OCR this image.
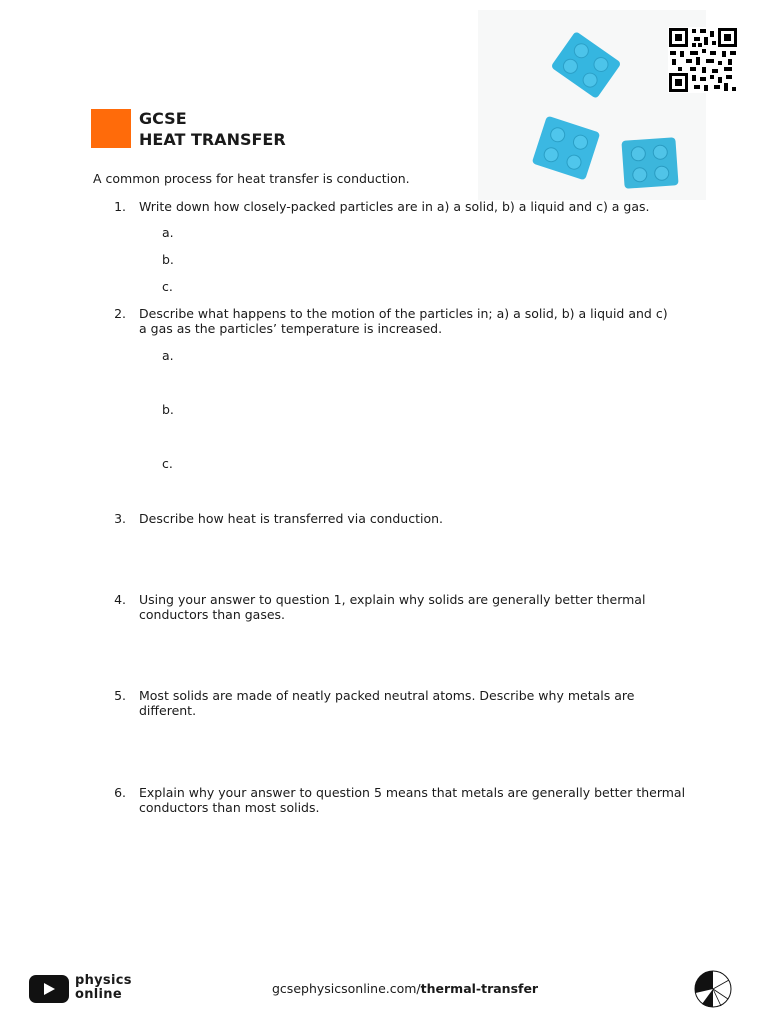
GCSE
HEAT TRANSFER
A common process for heat transfer is conduction.
1. Write down how closely-packed particles are in a) a solid, b) a liquid and c) a gas.
a.
b.
c.
2. Describe what happens to the motion of the particles in; a) a solid, b) a liquid and c) a gas as the particles’ temperature is increased.
a.
b.
c.
3. Describe how heat is transferred via conduction.
4. Using your answer to question 1, explain why solids are generally better thermal conductors than gases.
5. Most solids are made of neatly packed neutral atoms. Describe why metals are different.
6. Explain why your answer to question 5 means that metals are generally better thermal conductors than most solids.
physics
online	gcsephysicsonline.com/thermal-transfer
